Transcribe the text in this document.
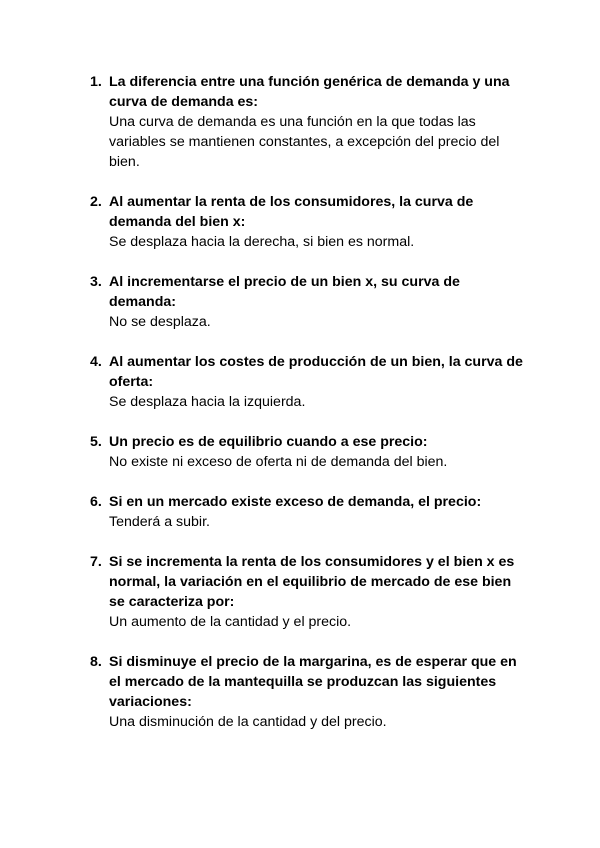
1. La diferencia entre una función genérica de demanda y una curva de demanda es:
Una curva de demanda es una función en la que todas las variables se mantienen constantes, a excepción del precio del bien.
2. Al aumentar la renta de los consumidores, la curva de demanda del bien x:
Se desplaza hacia la derecha, si bien es normal.
3. Al incrementarse el precio de un bien x, su curva de demanda:
No se desplaza.
4. Al aumentar los costes de producción de un bien, la curva de oferta:
Se desplaza hacia la izquierda.
5. Un precio es de equilibrio cuando a ese precio:
No existe ni exceso de oferta ni de demanda del bien.
6. Si en un mercado existe exceso de demanda, el precio:
Tenderá a subir.
7. Si se incrementa la renta de los consumidores y el bien x es normal, la variación en el equilibrio de mercado de ese bien se caracteriza por:
Un aumento de la cantidad y el precio.
8. Si disminuye el precio de la margarina, es de esperar que en el mercado de la mantequilla se produzcan las siguientes variaciones:
Una disminución de la cantidad y del precio.
